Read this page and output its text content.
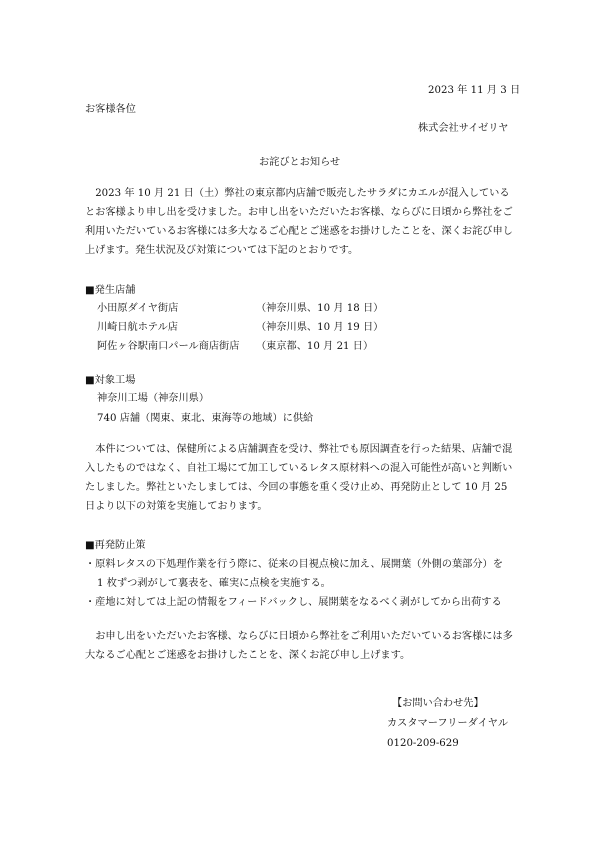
2023 年 11 月 3 日
お客様各位
株式会社サイゼリヤ
お詫びとお知らせ

2023 年 10 月 21 日（土）弊社の東京都内店舗で販売したサラダにカエルが混入しているとお客様より申し出を受けました。お申し出をいただいたお客様、ならびに日頃から弊社をご利用いただいているお客様には多大なるご心配とご迷惑をお掛けしたことを、深くお詫び申し上げます。発生状況及び対策については下記のとおりです。

■発生店舗
小田原ダイヤ街店	（神奈川県、10 月 18 日）
川崎日航ホテル店	（神奈川県、10 月 19 日）
阿佐ヶ谷駅南口パール商店街店 （東京都、10 月 21 日）
■対象工場
神奈川工場（神奈川県）
740 店舗（関東、東北、東海等の地域）に供給

本件については、保健所による店舗調査を受け、弊社でも原因調査を行った結果、店舗で混入したものではなく、自社工場にて加工しているレタス原材料への混入可能性が高いと判断いたしました。弊社といたしましては、今回の事態を重く受け止め、再発防止として 10 月 25 日より以下の対策を実施しております。

■再発防止策
・原料レタスの下処理作業を行う際に、従来の目視点検に加え、展開葉（外側の葉部分）を
1 枚ずつ剥がして裏表を、確実に点検を実施する。
・産地に対しては上記の情報をフィードバックし、展開葉をなるべく剥がしてから出荷する

お申し出をいただいたお客様、ならびに日頃から弊社をご利用いただいているお客様には多大なるご心配とご迷惑をお掛けしたことを、深くお詫び申し上げます。

【お問い合わせ先】
カスタマーフリーダイヤル
0120-209-629
